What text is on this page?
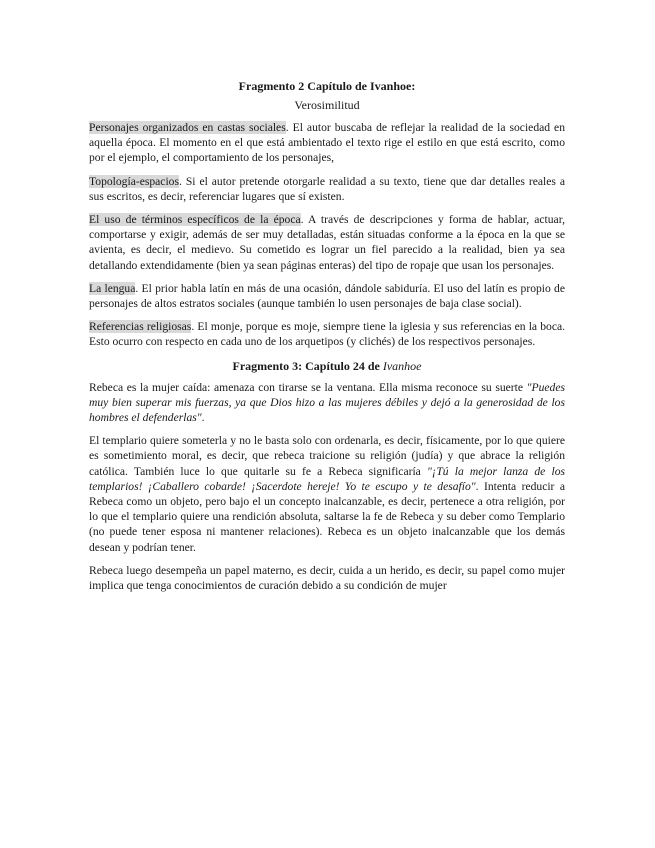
Fragmento 2 Capítulo de Ivanhoe:
Verosimilitud

Personajes organizados en castas sociales. El autor buscaba de reflejar la realidad de la sociedad en aquella época. El momento en el que está ambientado el texto rige el estilo en que está escrito, como por el ejemplo, el comportamiento de los personajes,

Topología-espacios. Si el autor pretende otorgarle realidad a su texto, tiene que dar detalles reales a sus escritos, es decir, referenciar lugares que sí existen.

El uso de términos específicos de la época. A través de descripciones y forma de hablar, actuar, comportarse y exigir, además de ser muy detalladas, están situadas conforme a la época en la que se avienta, es decir, el medievo. Su cometido es lograr un fiel parecido a la realidad, bien ya sea detallando extendidamente (bien ya sean páginas enteras) del tipo de ropaje que usan los personajes.

La lengua. El prior habla latín en más de una ocasión, dándole sabiduría. El uso del latín es propio de personajes de altos estratos sociales (aunque también lo usen personajes de baja clase social).

Referencias religiosas. El monje, porque es moje, siempre tiene la iglesia y sus referencias en la boca. Esto ocurro con respecto en cada uno de los arquetipos (y clichés) de los respectivos personajes.

Fragmento 3: Capítulo 24 de Ivanhoe

Rebeca es la mujer caída: amenaza con tirarse se la ventana. Ella misma reconoce su suerte "Puedes muy bien superar mis fuerzas, ya que Dios hizo a las mujeres débiles y dejó a la generosidad de los hombres el defenderlas".

El templario quiere someterla y no le basta solo con ordenarla, es decir, físicamente, por lo que quiere es sometimiento moral, es decir, que rebeca traicione su religión (judía) y que abrace la religión católica. También luce lo que quitarle su fe a Rebeca significaría "¡Tú la mejor lanza de los templarios! ¡Caballero cobarde! ¡Sacerdote hereje! Yo te escupo y te desafío". Intenta reducir a Rebeca como un objeto, pero bajo el un concepto inalcanzable, es decir, pertenece a otra religión, por lo que el templario quiere una rendición absoluta, saltarse la fe de Rebeca y su deber como Templario (no puede tener esposa ni mantener relaciones). Rebeca es un objeto inalcanzable que los demás desean y podrían tener.

Rebeca luego desempeña un papel materno, es decir, cuida a un herido, es decir, su papel como mujer implica que tenga conocimientos de curación debido a su condición de mujer
